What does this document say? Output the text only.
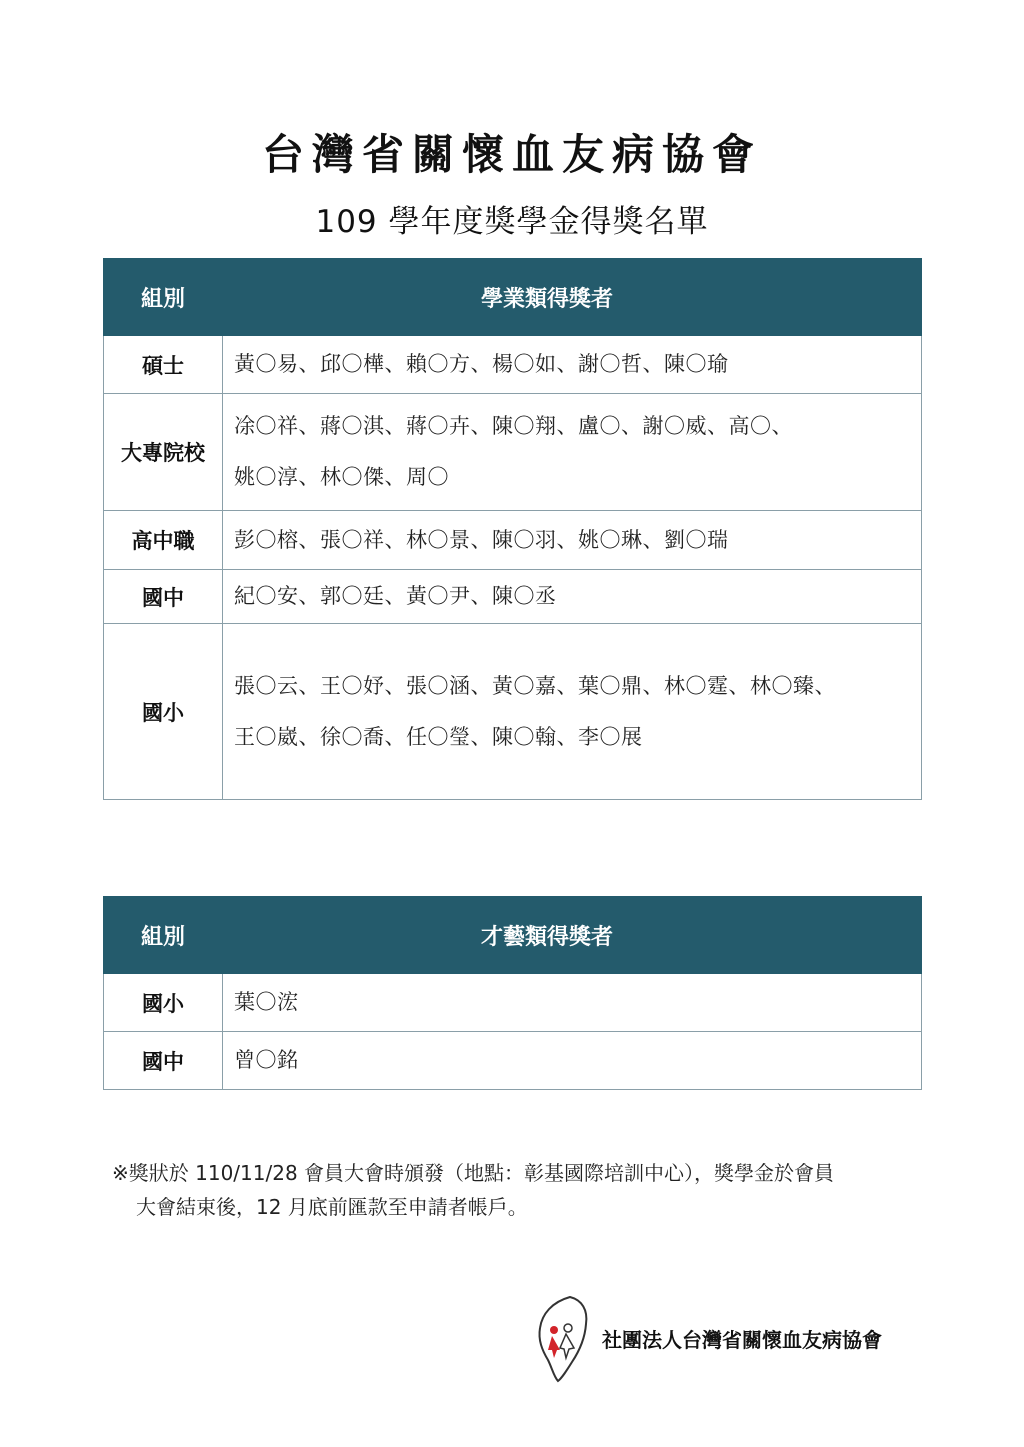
台灣省關懷血友病協會
109 學年度獎學金得獎名單
組別	學業類得獎者
碩士	黃〇易、邱〇樺、賴〇方、楊〇如、謝〇哲、陳〇瑜
大專院校	凃〇祥、蔣〇淇、蔣〇卉、陳〇翔、盧〇、謝〇威、高〇、
姚〇淳、林〇傑、周〇
高中職	彭〇榕、張〇祥、林〇景、陳〇羽、姚〇琳、劉〇瑞
國中	紀〇安、郭〇廷、黃〇尹、陳〇丞
國小	張〇云、王〇妤、張〇涵、黃〇嘉、葉〇鼎、林〇霆、林〇臻、
王〇崴、徐〇喬、任〇瑩、陳〇翰、李〇展
組別	才藝類得獎者
國小	葉〇浤
國中	曾〇銘
※獎狀於 110/11/28 會員大會時頒發（地點：彰基國際培訓中心），獎學金於會員
大會結束後，12 月底前匯款至申請者帳戶。
社團法人台灣省關懷血友病協會
